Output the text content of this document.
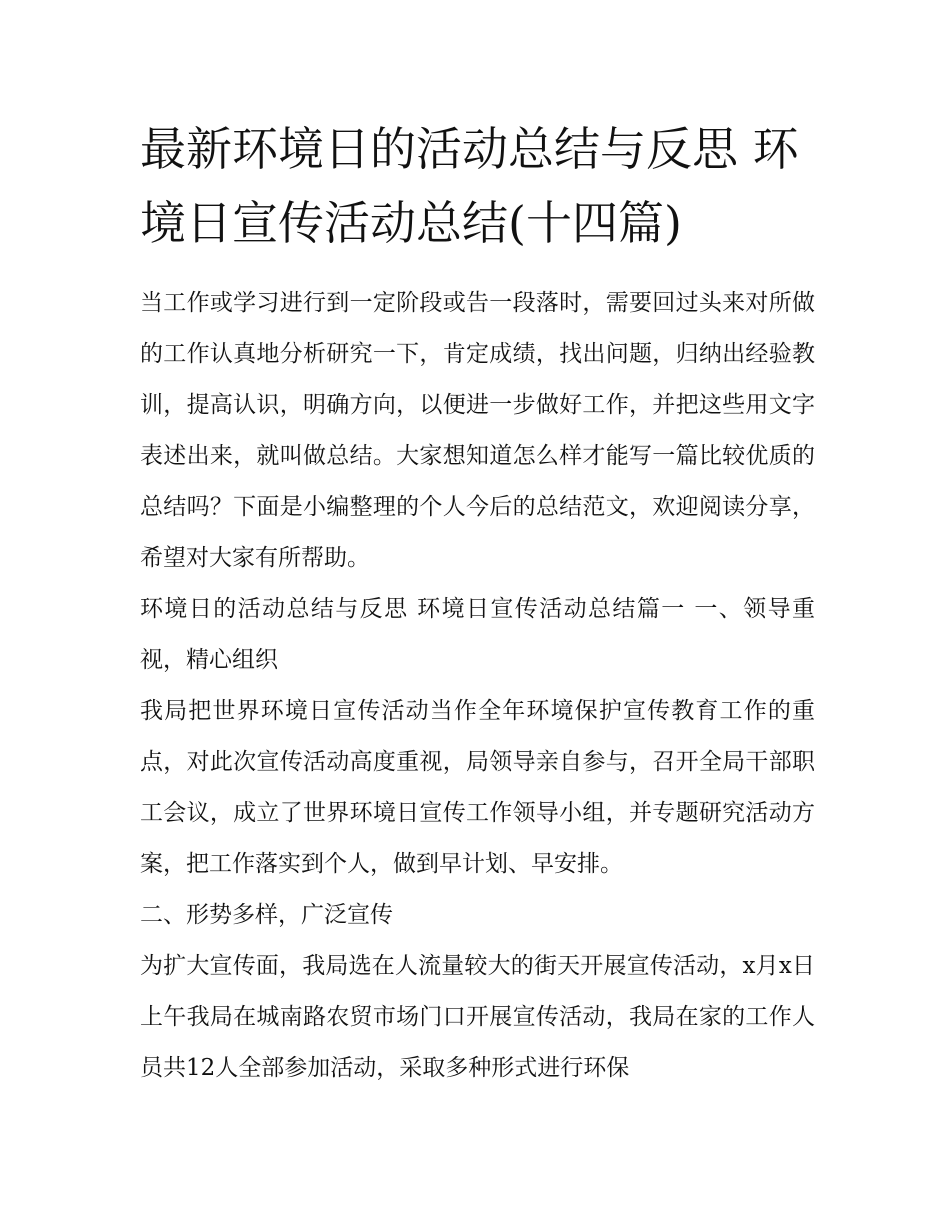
最新环境日的活动总结与反思 环境日宣传活动总结(十四篇)

当工作或学习进行到一定阶段或告一段落时，需要回过头来对所做的工作认真地分析研究一下，肯定成绩，找出问题，归纳出经验教训，提高认识，明确方向，以便进一步做好工作，并把这些用文字表述出来，就叫做总结。大家想知道怎么样才能写一篇比较优质的总结吗？下面是小编整理的个人今后的总结范文，欢迎阅读分享，希望对大家有所帮助。

环境日的活动总结与反思 环境日宣传活动总结篇一 一、领导重视，精心组织

我局把世界环境日宣传活动当作全年环境保护宣传教育工作的重点，对此次宣传活动高度重视，局领导亲自参与，召开全局干部职工会议，成立了世界环境日宣传工作领导小组，并专题研究活动方案，把工作落实到个人，做到早计划、早安排。

二、形势多样，广泛宣传

为扩大宣传面，我局选在人流量较大的街天开展宣传活动，x月x日上午我局在城南路农贸市场门口开展宣传活动，我局在家的工作人员共12人全部参加活动，采取多种形式进行环保
